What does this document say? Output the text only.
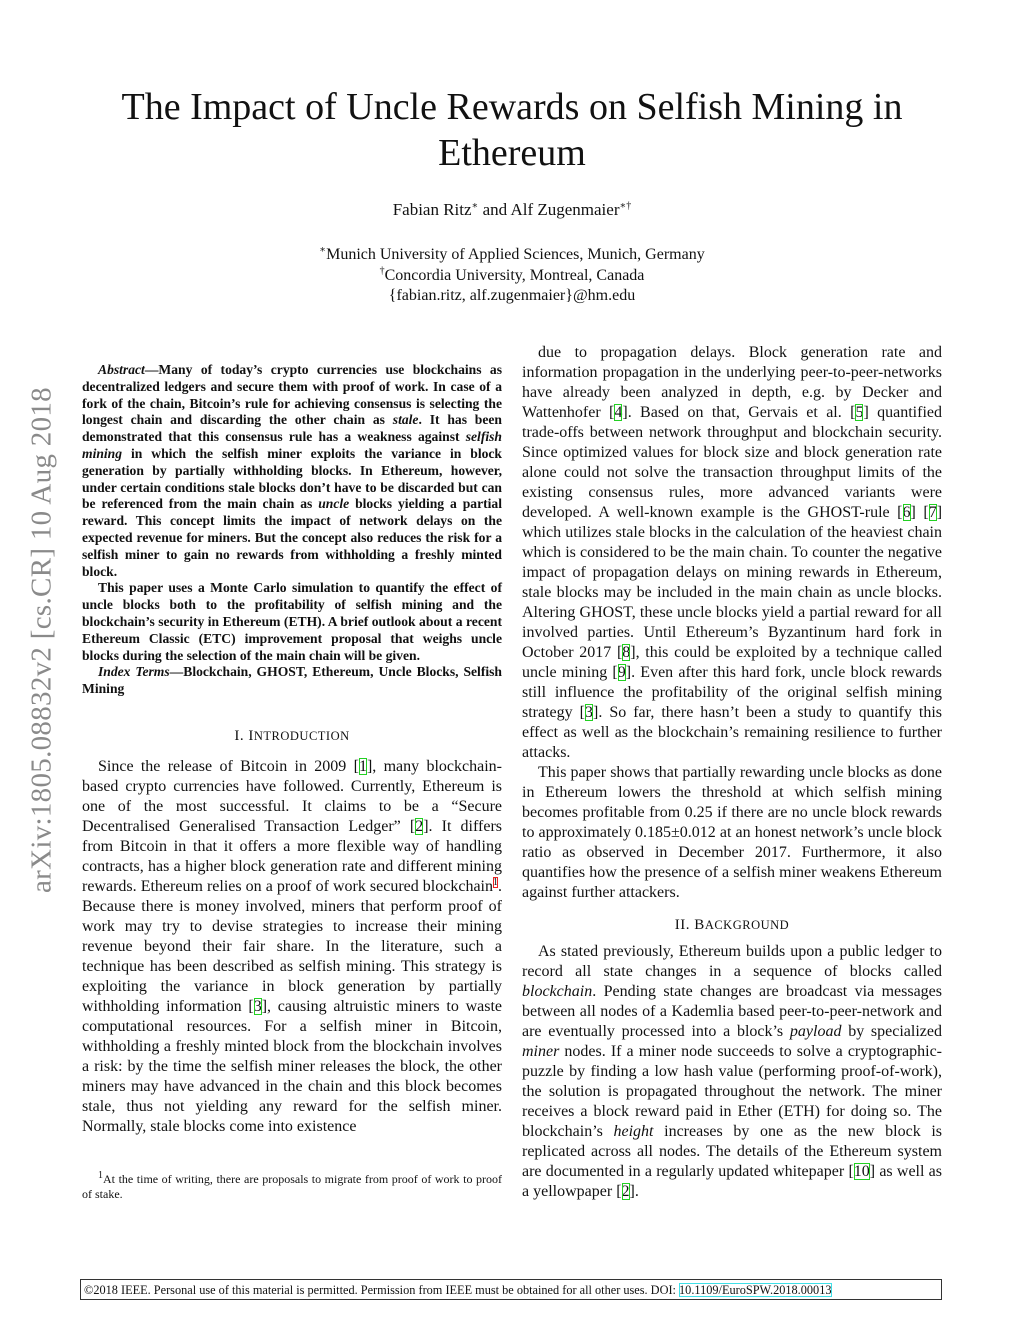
arXiv:1805.08832v2 [cs.CR] 10 Aug 2018
The Impact of Uncle Rewards on Selfish Mining in Ethereum
Fabian Ritz∗ and Alf Zugenmaier∗†
∗Munich University of Applied Sciences, Munich, Germany
†Concordia University, Montreal, Canada
{fabian.ritz, alf.zugenmaier}@hm.edu

Abstract—Many of today’s crypto currencies use blockchains as decentralized ledgers and secure them with proof of work. In case of a fork of the chain, Bitcoin’s rule for achieving consensus is selecting the longest chain and discarding the other chain as stale. It has been demonstrated that this consensus rule has a weakness against selfish mining in which the selfish miner exploits the variance in block generation by partially withholding blocks. In Ethereum, however, under certain conditions stale blocks don’t have to be discarded but can be referenced from the main chain as uncle blocks yielding a partial reward. This concept limits the impact of network delays on the expected revenue for miners. But the concept also reduces the risk for a selfish miner to gain no rewards from withholding a freshly minted block.

This paper uses a Monte Carlo simulation to quantify the effect of uncle blocks both to the profitability of selfish mining and the blockchain’s security in Ethereum (ETH). A brief outlook about a recent Ethereum Classic (ETC) improvement proposal that weighs uncle blocks during the selection of the main chain will be given.

Index Terms—Blockchain, GHOST, Ethereum, Uncle Blocks, Selfish Mining

I. INTRODUCTION

Since the release of Bitcoin in 2009 [1], many blockchain-based crypto currencies have followed. Currently, Ethereum is one of the most successful. It claims to be a “Secure Decentralised Generalised Transaction Ledger” [2]. It differs from Bitcoin in that it offers a more flexible way of handling contracts, has a higher block generation rate and different mining rewards. Ethereum relies on a proof of work secured blockchain$^1$. Because there is money involved, miners that perform proof of work may try to devise strategies to increase their mining revenue beyond their fair share. In the literature, such a technique has been described as selfish mining. This strategy is exploiting the variance in block generation by partially withholding information [3], causing altruistic miners to waste computational resources. For a selfish miner in Bitcoin, withholding a freshly minted block from the blockchain involves a risk: by the time the selfish miner releases the block, the other miners may have advanced in the chain and this block becomes stale, thus not yielding any reward for the selfish miner. Normally, stale blocks come into existence

$^1$At the time of writing, there are proposals to migrate from proof of work to proof of stake.

due to propagation delays. Block generation rate and information propagation in the underlying peer-to-peer-networks have already been analyzed in depth, e.g. by Decker and Wattenhofer [4]. Based on that, Gervais et al. [5] quantified trade-offs between network throughput and blockchain security. Since optimized values for block size and block generation rate alone could not solve the transaction throughput limits of the existing consensus rules, more advanced variants were developed. A well-known example is the GHOST-rule [6] [7] which utilizes stale blocks in the calculation of the heaviest chain which is considered to be the main chain. To counter the negative impact of propagation delays on mining rewards in Ethereum, stale blocks may be included in the main chain as uncle blocks. Altering GHOST, these uncle blocks yield a partial reward for all involved parties. Until Ethereum’s Byzantinum hard fork in October 2017 [8], this could be exploited by a technique called uncle mining [9]. Even after this hard fork, uncle block rewards still influence the profitability of the original selfish mining strategy [3]. So far, there hasn’t been a study to quantify this effect as well as the blockchain’s remaining resilience to further attacks.

This paper shows that partially rewarding uncle blocks as done in Ethereum lowers the threshold at which selfish mining becomes profitable from 0.25 if there are no uncle block rewards to approximately 0.185±0.012 at an honest network’s uncle block ratio as observed in December 2017. Furthermore, it also quantifies how the presence of a selfish miner weakens Ethereum against further attackers.

II. BACKGROUND

As stated previously, Ethereum builds upon a public ledger to record all state changes in a sequence of blocks called blockchain. Pending state changes are broadcast via messages between all nodes of a Kademlia based peer-to-peer-network and are eventually processed into a block’s payload by specialized miner nodes. If a miner node succeeds to solve a cryptographic-puzzle by finding a low hash value (performing proof-of-work), the solution is propagated throughout the network. The miner receives a block reward paid in Ether (ETH) for doing so. The blockchain’s height increases by one as the new block is replicated across all nodes. The details of the Ethereum system are documented in a regularly updated whitepaper [10] as well as a yellowpaper [2].

©2018 IEEE. Personal use of this material is permitted. Permission from IEEE must be obtained for all other uses. DOI: 10.1109/EuroSPW.2018.00013
